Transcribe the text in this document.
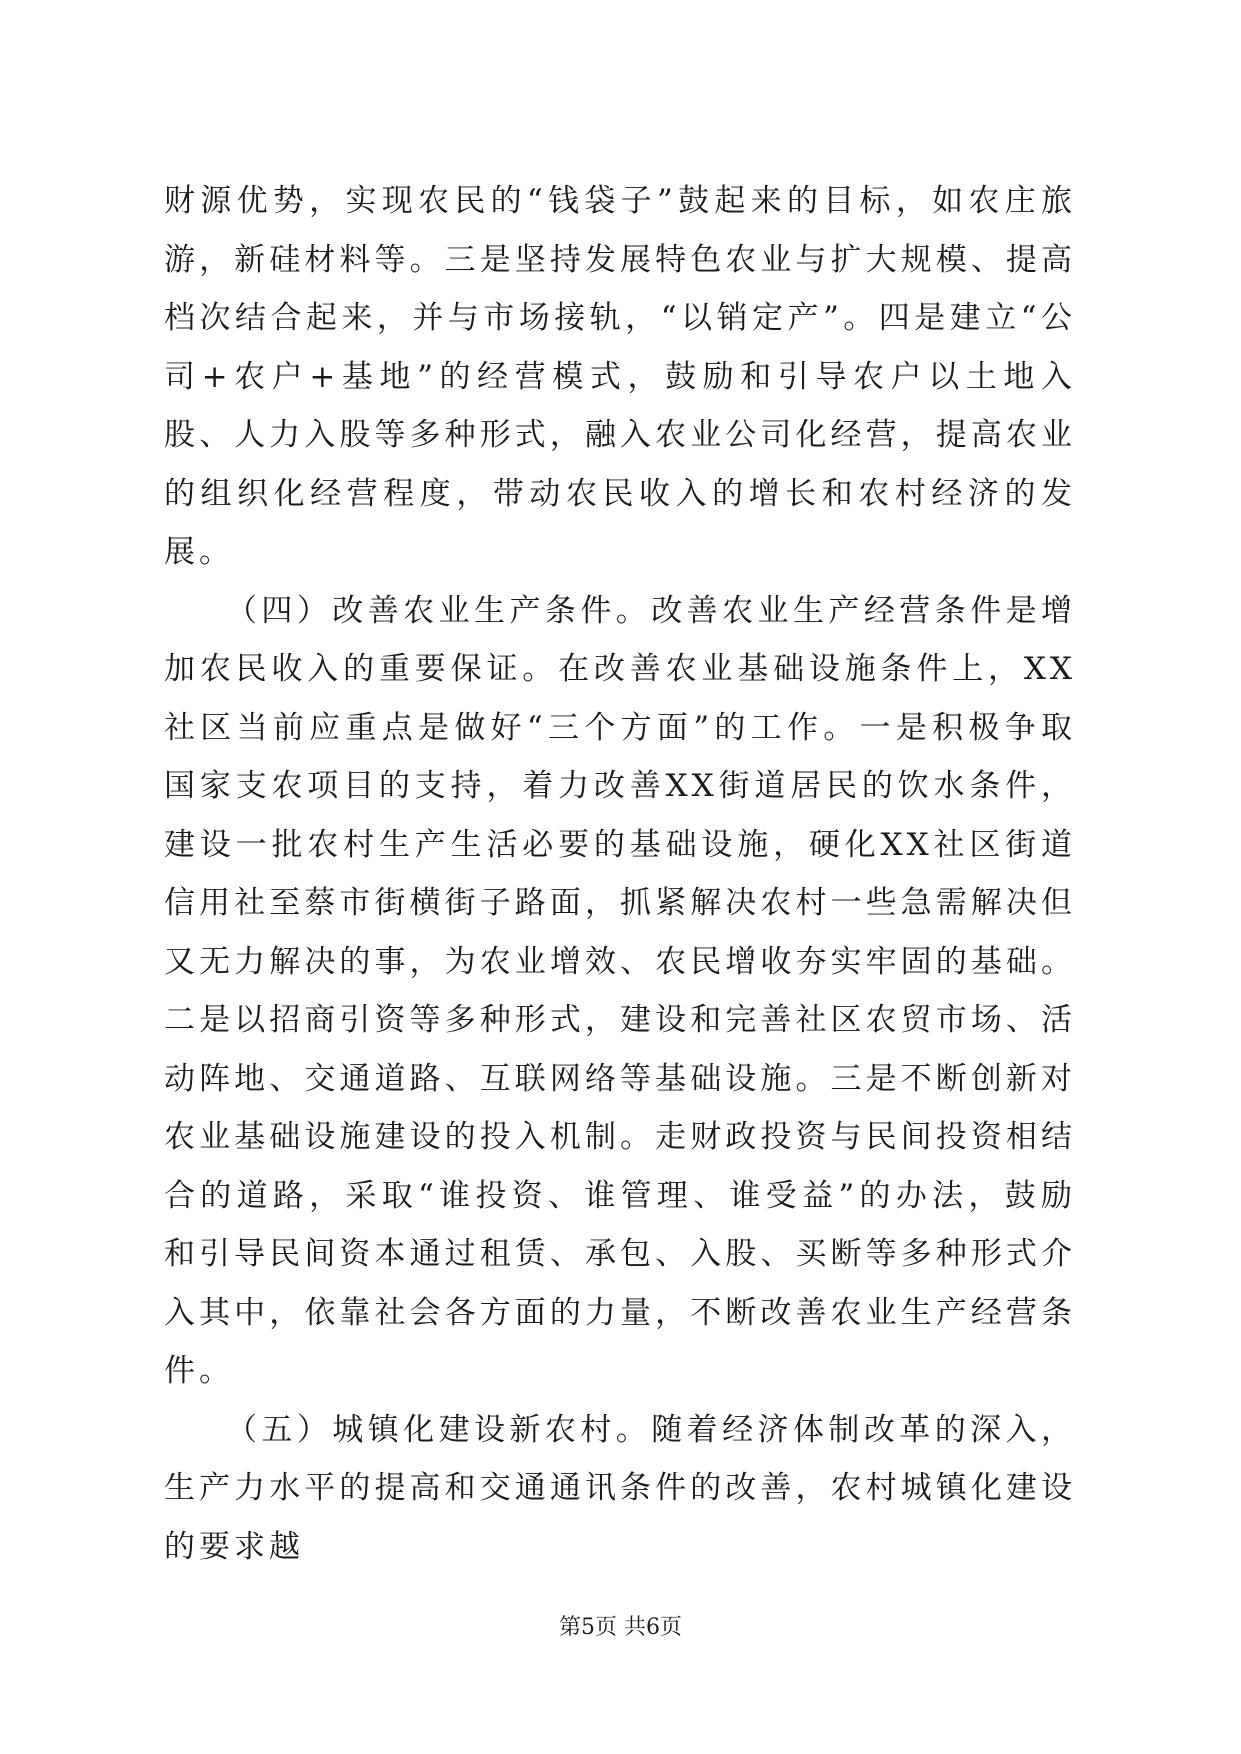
财源优势，实现农民的“钱袋子”鼓起来的目标，如农庄旅游，新硅材料等。三是坚持发展特色农业与扩大规模、提高档次结合起来，并与市场接轨，“以销定产”。四是建立“公司+农户+基地”的经营模式，鼓励和引导农户以土地入股、人力入股等多种形式，融入农业公司化经营，提高农业的组织化经营程度，带动农民收入的增长和农村经济的发展。

（四）改善农业生产条件。改善农业生产经营条件是增加农民收入的重要保证。在改善农业基础设施条件上，XX社区当前应重点是做好“三个方面”的工作。一是积极争取国家支农项目的支持，着力改善XX街道居民的饮水条件，建设一批农村生产生活必要的基础设施，硬化XX社区街道信用社至蔡市街横街子路面，抓紧解决农村一些急需解决但又无力解决的事，为农业增效、农民增收夯实牢固的基础。二是以招商引资等多种形式，建设和完善社区农贸市场、活动阵地、交通道路、互联网络等基础设施。三是不断创新对农业基础设施建设的投入机制。走财政投资与民间投资相结合的道路，采取“谁投资、谁管理、谁受益”的办法，鼓励和引导民间资本通过租赁、承包、入股、买断等多种形式介入其中，依靠社会各方面的力量，不断改善农业生产经营条件。

（五）城镇化建设新农村。随着经济体制改革的深入，生产力水平的提高和交通通讯条件的改善，农村城镇化建设的要求越

第5页 共6页
